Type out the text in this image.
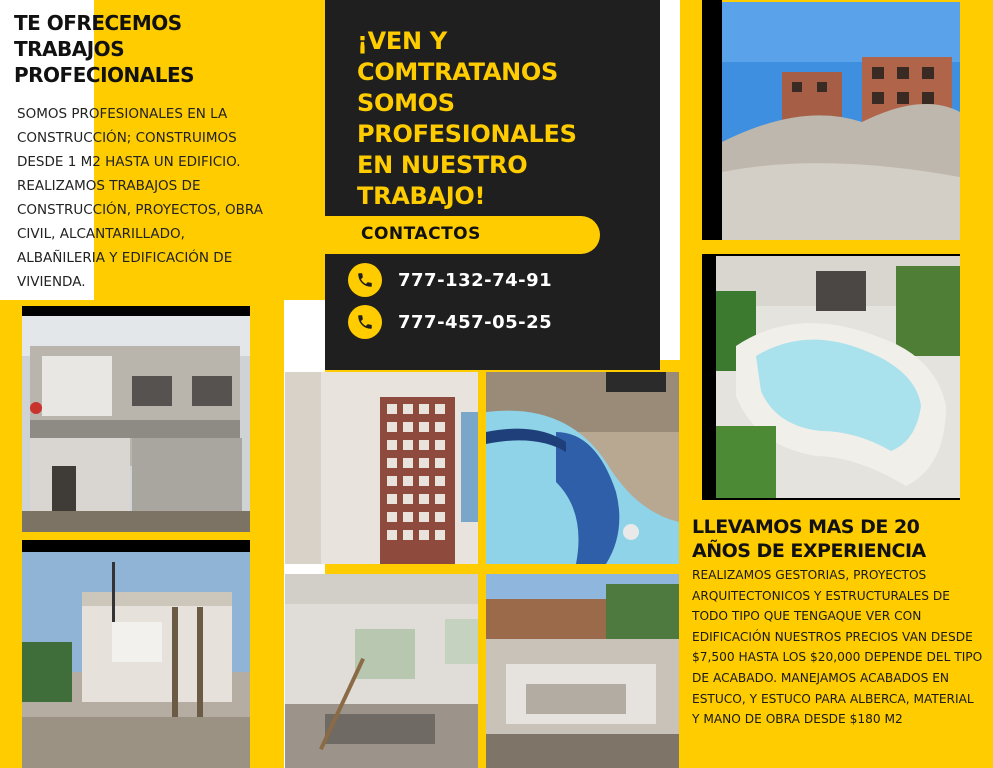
TE OFRECEMOS TRABAJOS PROFECIONALES
SOMOS PROFESIONALES EN LA CONSTRUCCIÓN; CONSTRUIMOS DESDE 1 M2 HASTA UN EDIFICIO. REALIZAMOS TRABAJOS DE CONSTRUCCIÓN, PROYECTOS, OBRA CIVIL, ALCANTARILLADO, ALBAÑILERIA Y EDIFICACIÓN DE VIVIENDA.
¡VEN Y COMTRATANOS SOMOS PROFESIONALES EN NUESTRO TRABAJO!
CONTACTOS
777-132-74-91
777-457-05-25
LLEVAMOS MAS DE 20 AÑOS DE EXPERIENCIA
REALIZAMOS GESTORIAS, PROYECTOS ARQUITECTONICOS Y ESTRUCTURALES DE TODO TIPO QUE TENGAQUE VER CON EDIFICACIÓN NUESTROS PRECIOS VAN DESDE $7,500 HASTA LOS $20,000 DEPENDE DEL TIPO DE ACABADO. MANEJAMOS ACABADOS EN ESTUCO, Y ESTUCO PARA ALBERCA, MATERIAL Y MANO DE OBRA DESDE $180 M2
